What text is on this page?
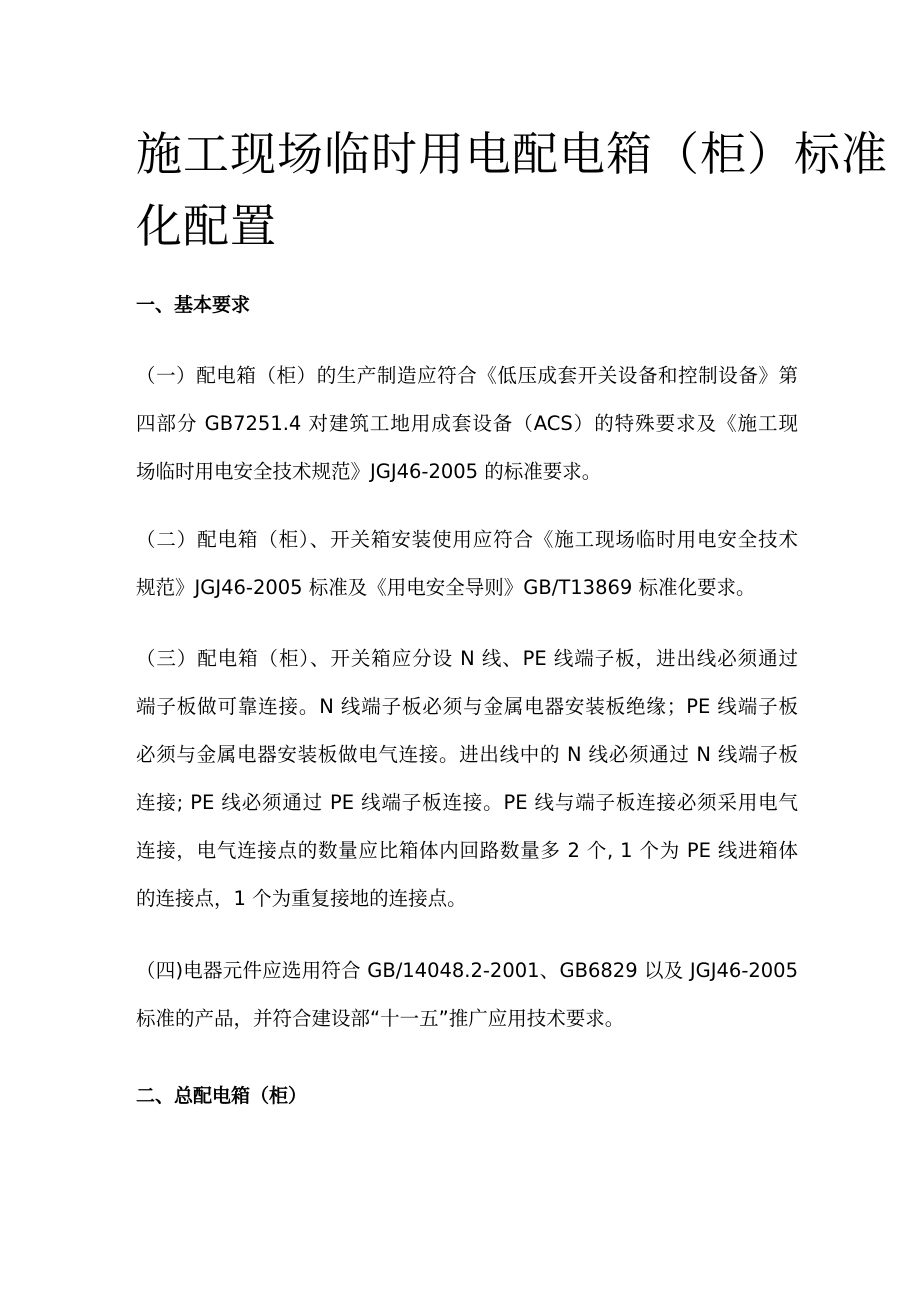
施工现场临时用电配电箱（柜）标准
化配置
一、基本要求

（一）配电箱（柜）的生产制造应符合《低压成套开关设备和控制设备》第
四部分 GB7251.4 对建筑工地用成套设备（ACS）的特殊要求及《施工现
场临时用电安全技术规范》JGJ46-2005 的标准要求。

（二）配电箱（柜）、开关箱安装使用应符合《施工现场临时用电安全技术
规范》JGJ46-2005 标准及《用电安全导则》GB/T13869 标准化要求。

（三）配电箱（柜）、开关箱应分设 N 线、PE 线端子板，进出线必须通过
端子板做可靠连接。N 线端子板必须与金属电器安装板绝缘；PE 线端子板
必须与金属电器安装板做电气连接。进出线中的 N 线必须通过 N 线端子板
连接; PE 线必须通过 PE 线端子板连接。PE 线与端子板连接必须采用电气
连接，电气连接点的数量应比箱体内回路数量多 2 个, 1 个为 PE 线进箱体
的连接点，1 个为重复接地的连接点。

（四)电器元件应选用符合 GB/14048.2-2001、GB6829 以及 JGJ46-2005
标准的产品，并符合建设部“十一五”推广应用技术要求。

二、总配电箱（柜）
